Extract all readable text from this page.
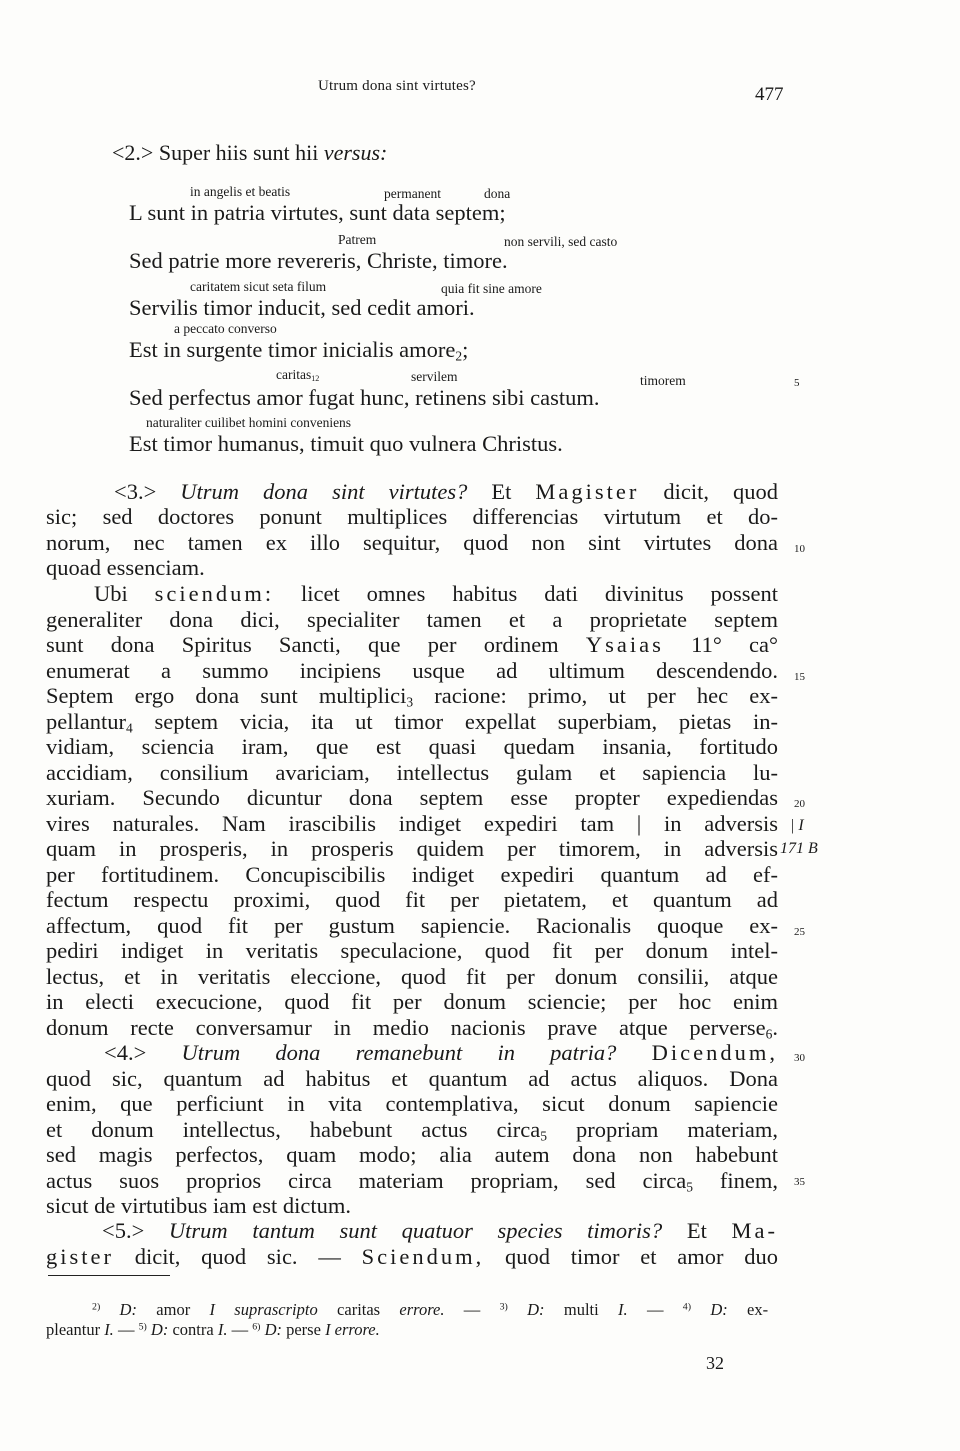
Utrum dona sint virtutes?	477
<2.> Super hiis sunt hii versus:
in angelis et beatis	permanent	dona
L sunt in patria virtutes, sunt data septem;
Patrem	non servili, sed casto
Sed patrie more revereris, Christe, timore.
caritatem sicut seta filum	quia fit sine amore
Servilis timor inducit, sed cedit amori.
a peccato converso
Est in surgente timor inicialis amore$_2$;
caritas$_{12}$	servilem	timorem
Sed perfectus amor fugat hunc, retinens sibi castum.
naturaliter cuilibet homini conveniens
Est timor humanus, timuit quo vulnera Christus.
5
10
15
20
25
30
35
| I
171 B
<3.> Utrum dona sint virtutes? Et Magister dicit, quod
sic; sed doctores ponunt multiplices differencias virtutum et do-
norum, nec tamen ex illo sequitur, quod non sint virtutes dona
quoad essenciam.
Ubi sciendum: licet omnes habitus dati divinitus possent
generaliter dona dici, specialiter tamen et a proprietate septem
sunt dona Spiritus Sancti, que per ordinem Ysaias 11° ca°
enumerat a summo incipiens usque ad ultimum descendendo.
Septem ergo dona sunt multiplici$_3$ racione: primo, ut per hec ex-
pellantur$_4$ septem vicia, ita ut timor expellat superbiam, pietas in-
vidiam, sciencia iram, que est quasi quedam insania, fortitudo
accidiam, consilium avariciam, intellectus gulam et sapiencia lu-
xuriam. Secundo dicuntur dona septem esse propter expediendas
vires naturales. Nam irascibilis indiget expediri tam | in adversis
quam in prosperis, in prosperis quidem per timorem, in adversis
per fortitudinem. Concupiscibilis indiget expediri quantum ad ef-
fectum respectu proximi, quod fit per pietatem, et quantum ad
affectum, quod fit per gustum sapiencie. Racionalis quoque ex-
pediri indiget in veritatis speculacione, quod fit per donum intel-
lectus, et in veritatis eleccione, quod fit per donum consilii, atque
in electi execucione, quod fit per donum sciencie; per hoc enim
donum recte conversamur in medio nacionis prave atque perverse$_6$.
<4.> Utrum dona remanebunt in patria? Dicendum,
quod sic, quantum ad habitus et quantum ad actus aliquos. Dona
enim, que perficiunt in vita contemplativa, sicut donum sapiencie
et donum intellectus, habebunt actus circa$_5$ propriam materiam,
sed magis perfectos, quam modo; alia autem dona non habebunt
actus suos proprios circa materiam propriam, sed circa$_5$ finem,
sicut de virtutibus iam est dictum.
<5.> Utrum tantum sunt quatuor species timoris? Et Ma-
gister dicit, quod sic. — Sciendum, quod timor et amor duo
$^{2)}$ D: amor I suprascripto caritas errore. — $^{3)}$ D: multi I. — $^{4)}$ D: ex-
pleantur I. — $^{5)}$ D: contra I. — $^{6)}$ D: perse I errore.
32
